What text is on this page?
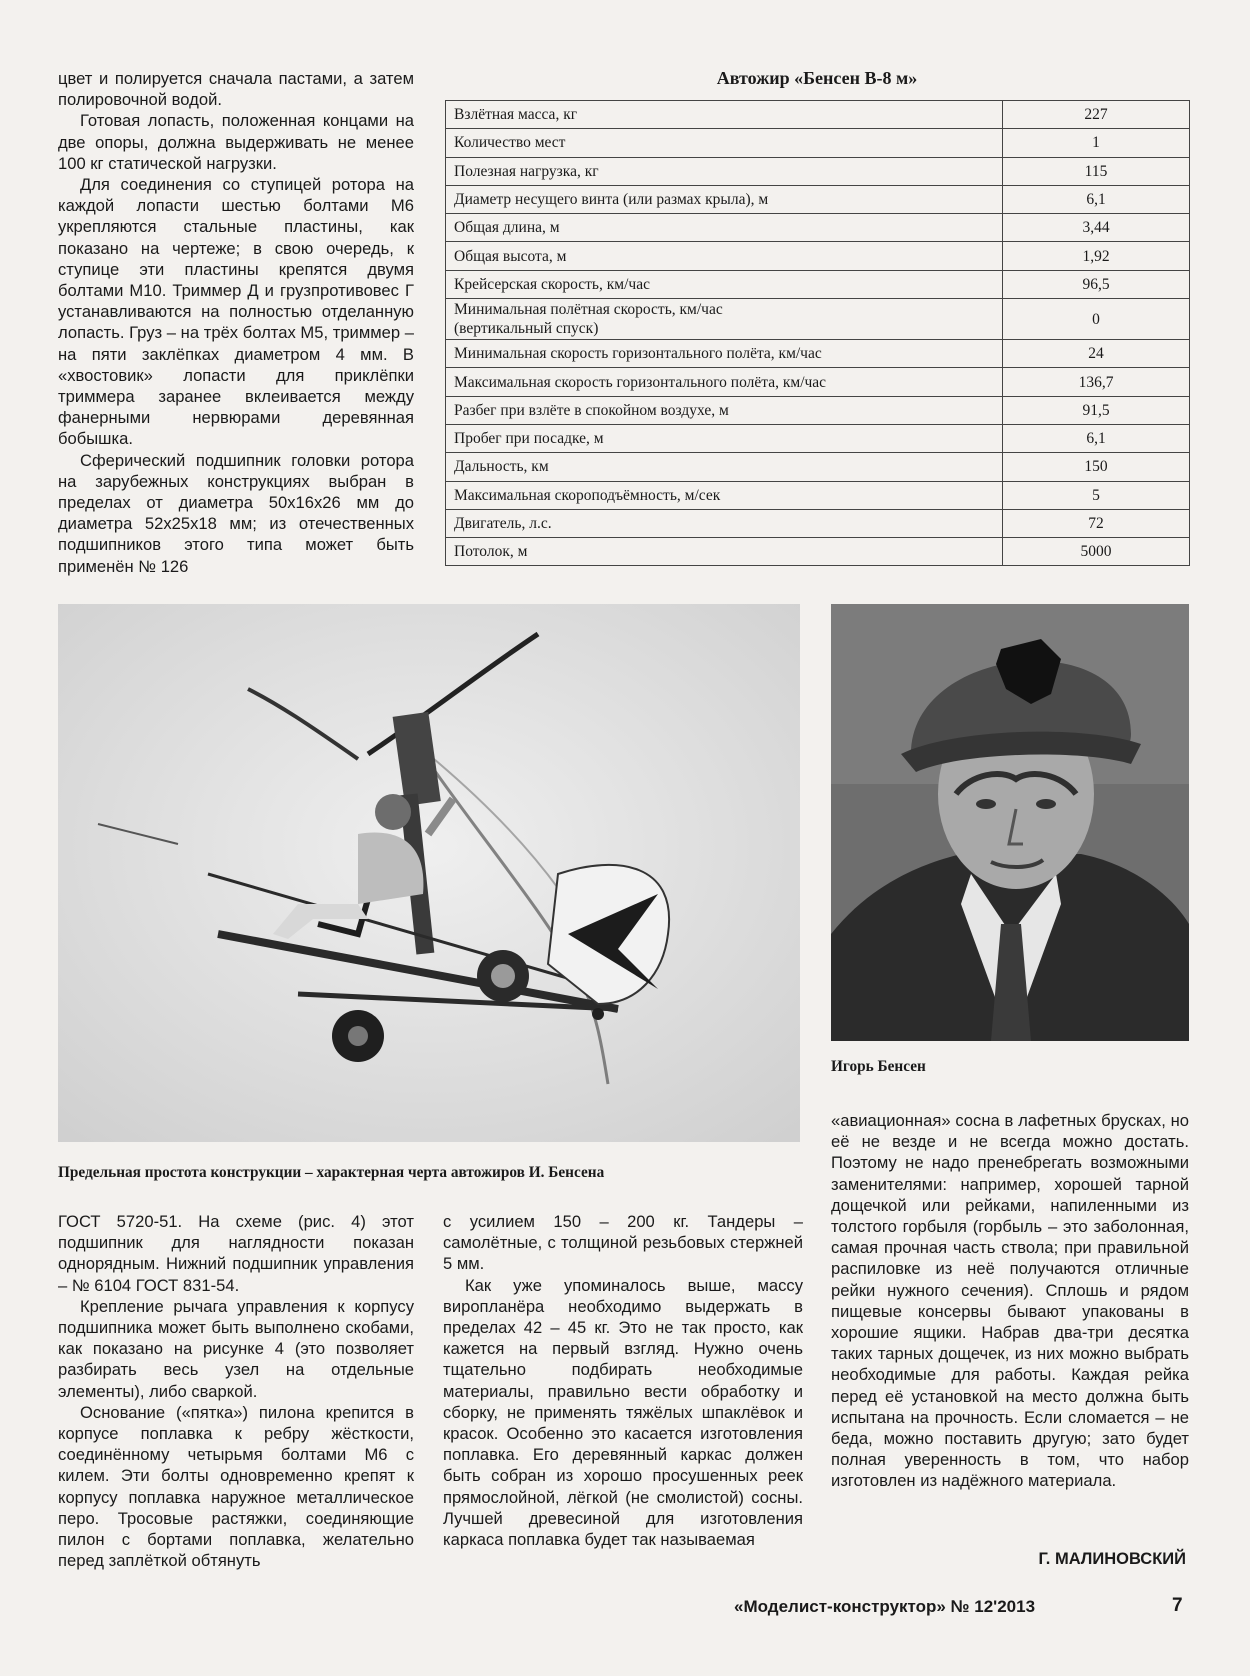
цвет и полируется сначала пастами, а затем полировочной водой.

Готовая лопасть, положенная концами на две опоры, должна выдерживать не менее 100 кг статической нагрузки.

Для соединения со ступицей ротора на каждой лопасти шестью болтами М6 укрепляются стальные пластины, как показано на чертеже; в свою очередь, к ступице эти пластины крепятся двумя болтами М10. Триммер Д и грузпротивовес Г устанавливаются на полностью отделанную лопасть. Груз – на трёх болтах М5, триммер – на пяти заклёпках диаметром 4 мм. В «хвостовик» лопасти для приклёпки триммера заранее вклеивается между фанерными нервюрами деревянная бобышка.

Сферический подшипник головки ротора на зарубежных конструкциях выбран в пределах от диаметра 50х16х26 мм до диаметра 52х25х18 мм; из отечественных подшипников этого типа может быть применён № 126

Автожир «Бенсен В-8 м»
Взлётная масса, кг	227
Количество мест	1
Полезная нагрузка, кг	115
Диаметр несущего винта (или размах крыла), м	6,1
Общая длина, м	3,44
Общая высота, м	1,92
Крейсерская скорость, км/час	96,5

Минимальная полётная скорость, км/час
(вертикальный спуск)	0
Минимальная скорость горизонтального полёта, км/час	24
Максимальная скорость горизонтального полёта, км/час	136,7
Разбег при взлёте в спокойном воздухе, м	91,5
Пробег при посадке, м	6,1
Дальность, км	150
Максимальная скороподъёмность, м/сек	5
Двигатель, л.с.	72
Потолок, м	5000
Предельная простота конструкции – характерная черта автожиров И. Бенсена
Игорь Бенсен

ГОСТ 5720-51. На схеме (рис. 4) этот подшипник для наглядности показан однорядным. Нижний подшипник управления – № 6104 ГОСТ 831-54.

Крепление рычага управления к корпусу подшипника может быть выполнено скобами, как показано на рисунке 4 (это позволяет разбирать весь узел на отдельные элементы), либо сваркой.

Основание («пятка») пилона крепится в корпусе поплавка к ребру жёсткости, соединённому четырьмя болтами М6 с килем. Эти болты одновременно крепят к корпусу поплавка наружное металлическое перо. Тросовые растяжки, соединяющие пилон с бортами поплавка, желательно перед заплёткой обтянуть

с усилием 150 – 200 кг. Тандеры – самолётные, с толщиной резьбовых стержней 5 мм.

Как уже упоминалось выше, массу виропланёра необходимо выдержать в пределах 42 – 45 кг. Это не так просто, как кажется на первый взгляд. Нужно очень тщательно подбирать необходимые материалы, правильно вести обработку и сборку, не применять тяжёлых шпаклёвок и красок. Особенно это касается изготовления поплавка. Его деревянный каркас должен быть собран из хорошо просушенных реек прямослойной, лёгкой (не смолистой) сосны. Лучшей древесиной для изготовления каркаса поплавка будет так называемая

«авиационная» сосна в лафетных брусках, но её не везде и не всегда можно достать. Поэтому не надо пренебрегать возможными заменителями: например, хорошей тарной дощечкой или рейками, напиленными из толстого горбыля (горбыль – это заболонная, самая прочная часть ствола; при правильной распиловке из неё получаются отличные рейки нужного сечения). Сплошь и рядом пищевые консервы бывают упакованы в хорошие ящики. Набрав два-три десятка таких тарных дощечек, из них можно выбрать необходимые для работы. Каждая рейка перед её установкой на место должна быть испытана на прочность. Если сломается – не беда, можно поставить другую; зато будет полная уверенность в том, что набор изготовлен из надёжного материала.

Г. МАЛИНОВСКИЙ
«Моделист-конструктор» № 12'2013	7
